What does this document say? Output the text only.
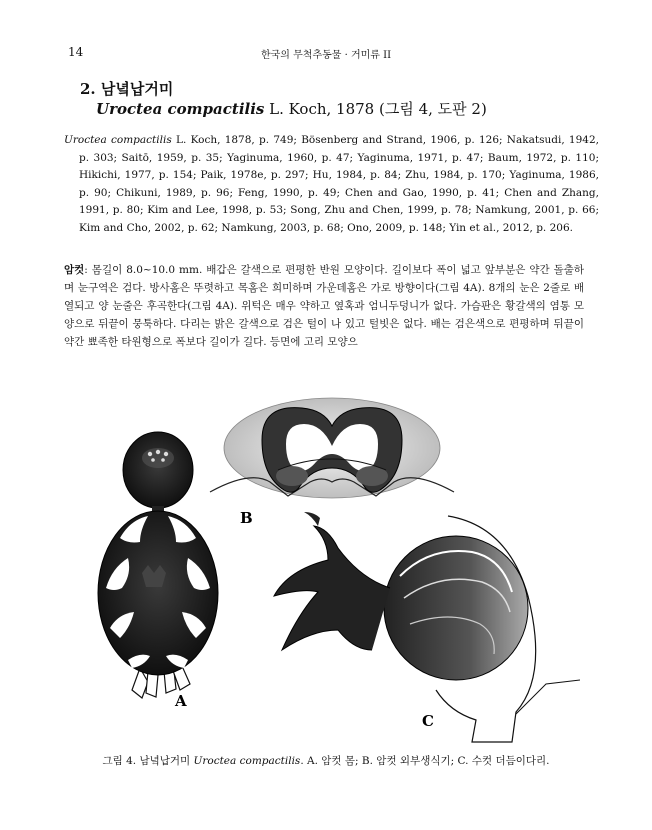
14	한국의 무척추동물 · 거미류 II
2. 남녘납거미
Uroctea compactilis L. Koch, 1878 (그림 4, 도판 2)

Uroctea compactilis L. Koch, 1878, p. 749; Bösenberg and Strand, 1906, p. 126; Nakatsudi, 1942, p. 303; Saitō, 1959, p. 35; Yaginuma, 1960, p. 47; Yaginuma, 1971, p. 47; Baum, 1972, p. 110; Hikichi, 1977, p. 154; Paik, 1978e, p. 297; Hu, 1984, p. 84; Zhu, 1984, p. 170; Yaginuma, 1986, p. 90; Chikuni, 1989, p. 96; Feng, 1990, p. 49; Chen and Gao, 1990, p. 41; Chen and Zhang, 1991, p. 80; Kim and Lee, 1998, p. 53; Song, Zhu and Chen, 1999, p. 78; Namkung, 2001, p. 66; Kim and Cho, 2002, p. 62; Namkung, 2003, p. 68; Ono, 2009, p. 148; Yin et al., 2012, p. 206.

암컷: 몸길이 8.0~10.0 mm. 배갑은 갈색으로 편평한 반원 모양이다. 길이보다 폭이 넓고 앞부분은 약간 돌출하며 눈구역은 검다. 방사홈은 뚜렷하고 목홈은 희미하며 가운데홈은 가로 방향이다(그림 4A). 8개의 눈은 2줄로 배열되고 양 눈줄은 후곡한다(그림 4A). 위턱은 매우 약하고 옆혹과 엄니두덩니가 없다. 가슴판은 황갈색의 염통 모양으로 뒤끝이 뭉툭하다. 다리는 밝은 갈색으로 검은 털이 나 있고 털빗은 없다. 배는 검은색으로 편평하며 뒤끝이 약간 뾰족한 타원형으로 폭보다 길이가 길다. 등면에 고리 모양으

A
B
C
그림 4. 남녘납거미 Uroctea compactilis. A. 암컷 몸; B. 암컷 외부생식기; C. 수컷 더듬이다리.
